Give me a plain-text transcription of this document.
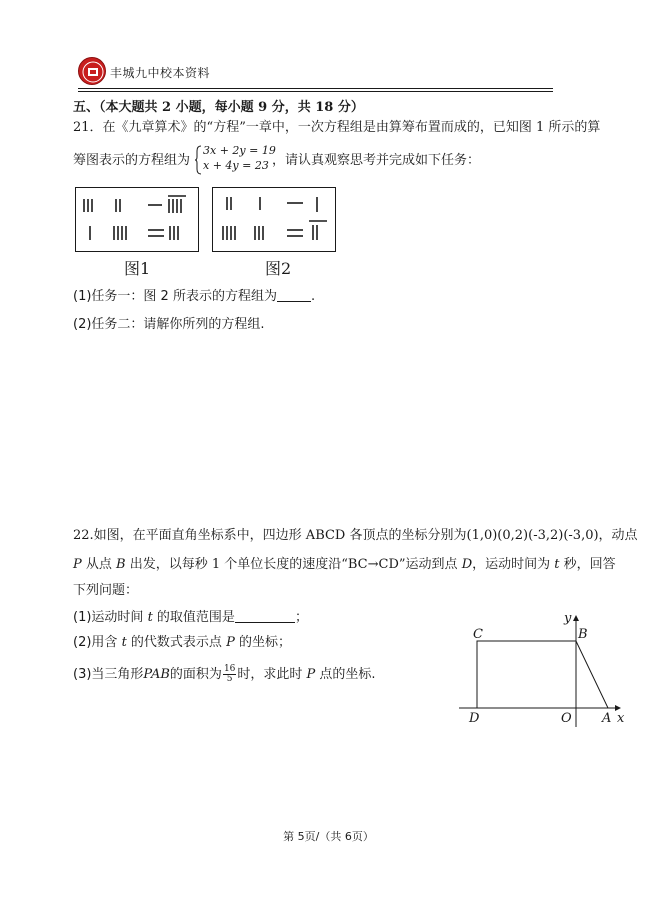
丰城九中校本资料
五、（本大题共 2 小题，每小题 9 分，共 18 分）
21．在《九章算术》的“方程”一章中，一次方程组是由算筹布置而成的，已知图 1 所示的算
筹图表示的方程组为
3x + 2y = 19
x + 4y = 23 ，请认真观察思考并完成如下任务：
图1	图2
(1)任务一：图 2 所表示的方程组为	.
(2)任务二：请解你所列的方程组.
22.如图，在平面直角坐标系中，四边形 ABCD 各顶点的坐标分别为(1,0)(0,2)(-3,2)(-3,0)，动点
P 从点 B 出发，以每秒 1 个单位长度的速度沿“BC→CD”运动到点 D，运动时间为 t 秒，回答
下列问题：
(1)运动时间 t 的取值范围是	；
(2)用含 t 的代数式表示点 P 的坐标；
(3)当三角形PAB的面积为 $\frac{16}{5}$ 时，求此时 P 点的坐标.
C	B
y
D	O A x
第 5页/（共 6页）
